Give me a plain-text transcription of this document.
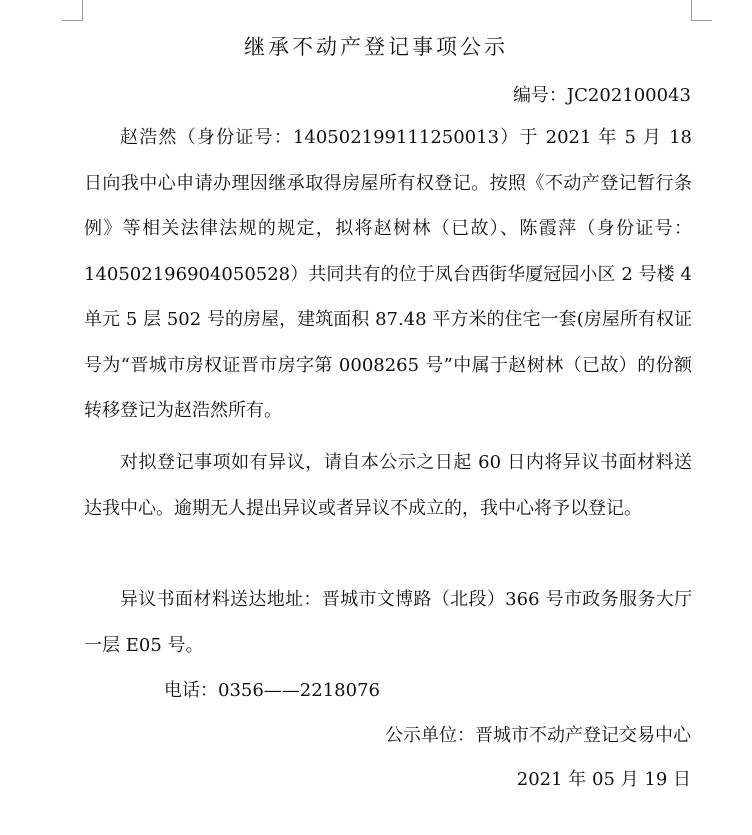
继承不动产登记事项公示
编号：JC202100043

赵浩然（身份证号：140502199111250013）于 2021 年 5 月 18 日向我中心申请办理因继承取得房屋所有权登记。按照《不动产登记暂行条例》等相关法律法规的规定，拟将赵树林（已故）、陈霞萍（身份证号：140502196904050528）共同共有的位于凤台西街华厦冠园小区 2 号楼 4 单元 5 层 502 号的房屋，建筑面积 87.48 平方米的住宅一套(房屋所有权证号为“晋城市房权证晋市房字第 0008265 号”中属于赵树林（已故）的份额转移登记为赵浩然所有。

对拟登记事项如有异议，请自本公示之日起 60 日内将异议书面材料送达我中心。逾期无人提出异议或者异议不成立的，我中心将予以登记。

异议书面材料送达地址：晋城市文博路（北段）366 号市政务服务大厅一层 E05 号。

电话：0356——2218076
公示单位：晋城市不动产登记交易中心
2021 年 05 月 19 日
